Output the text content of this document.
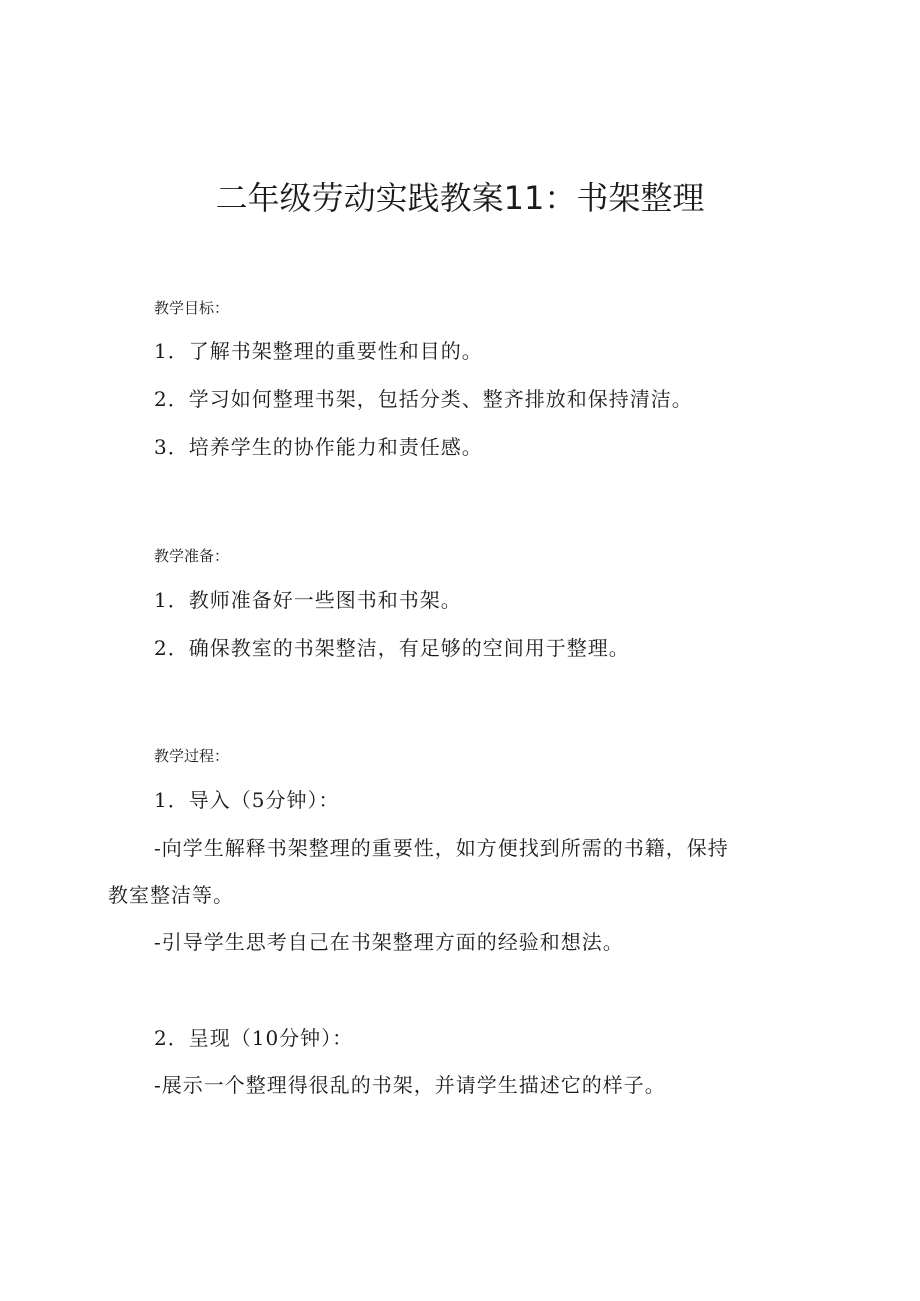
二年级劳动实践教案11：书架整理

教学目标：

1．了解书架整理的重要性和目的。

2．学习如何整理书架，包括分类、整齐排放和保持清洁。

3．培养学生的协作能力和责任感。

教学准备：

1．教师准备好一些图书和书架。

2．确保教室的书架整洁，有足够的空间用于整理。

教学过程：

1．导入（5分钟）：

-向学生解释书架整理的重要性，如方便找到所需的书籍，保持

教室整洁等。

-引导学生思考自己在书架整理方面的经验和想法。

2．呈现（10分钟）：

-展示一个整理得很乱的书架，并请学生描述它的样子。
